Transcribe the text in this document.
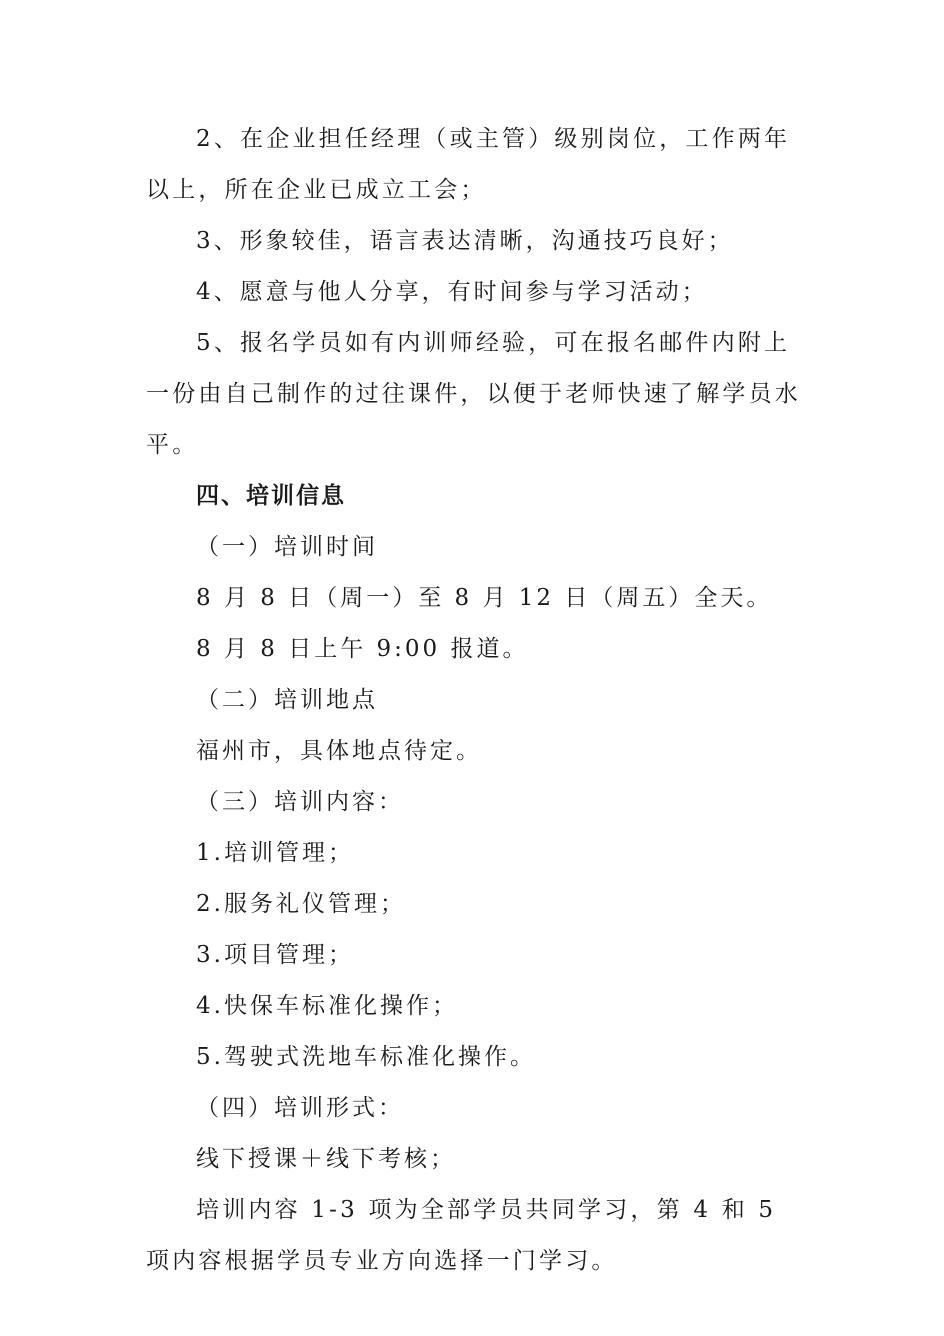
2、在企业担任经理（或主管）级别岗位，工作两年以上，所在企业已成立工会；

3、形象较佳，语言表达清晰，沟通技巧良好；

4、愿意与他人分享，有时间参与学习活动；

5、报名学员如有内训师经验，可在报名邮件内附上一份由自己制作的过往课件，以便于老师快速了解学员水平。

四、培训信息

（一）培训时间

8 月 8 日（周一）至 8 月 12 日（周五）全天。

8 月 8 日上午 9:00 报道。

（二）培训地点

福州市，具体地点待定。

（三）培训内容：

1.培训管理；

2.服务礼仪管理；

3.项目管理；

4.快保车标准化操作；

5.驾驶式洗地车标准化操作。

（四）培训形式：

线下授课＋线下考核；

培训内容 1-3 项为全部学员共同学习，第 4 和 5 项内容根据学员专业方向选择一门学习。
